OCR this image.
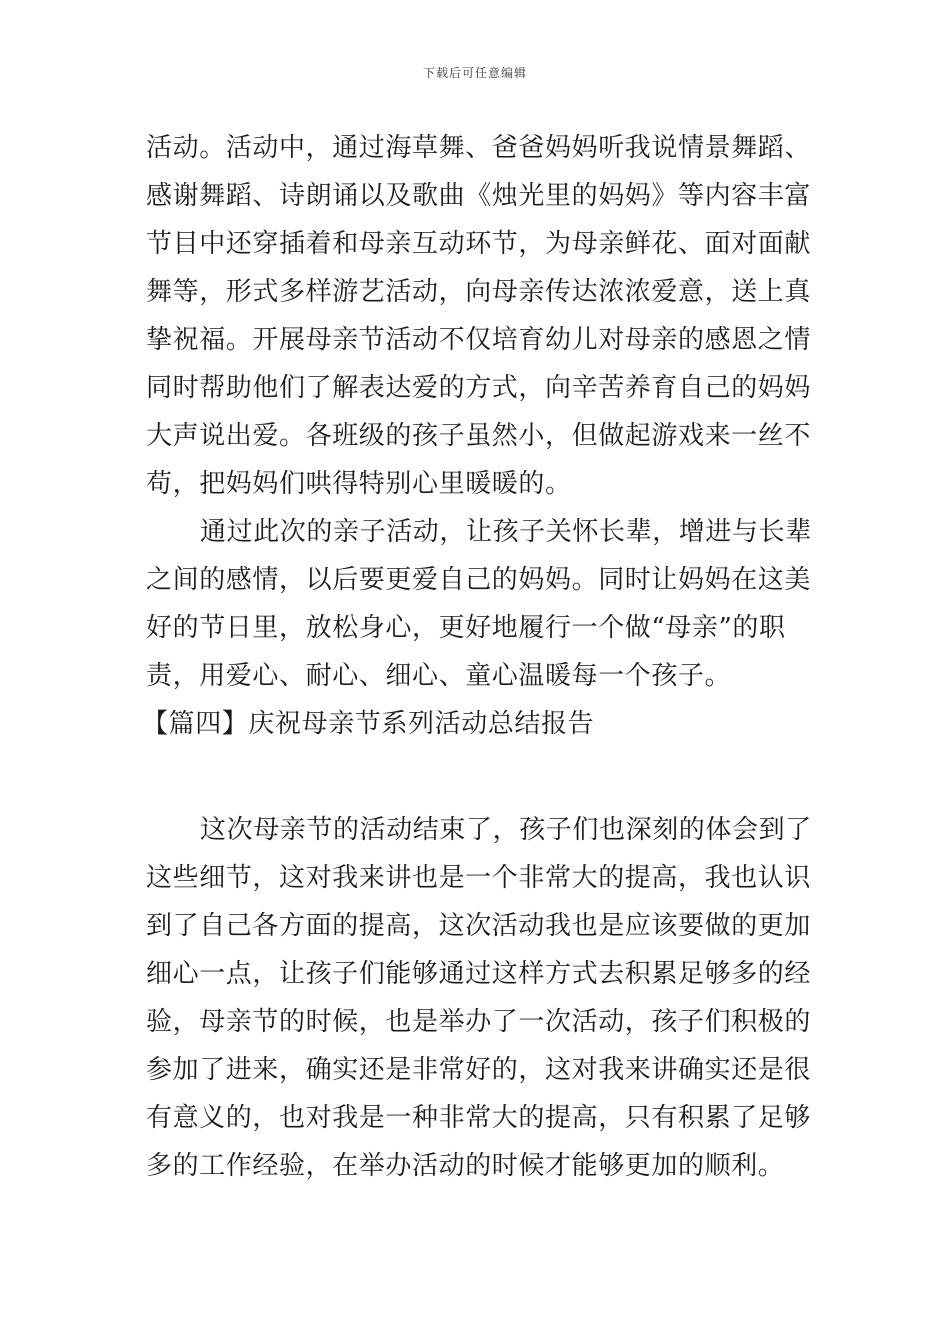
下载后可任意编辑
活动。活动中，通过海草舞、爸爸妈妈听我说情景舞蹈、
感谢舞蹈、诗朗诵以及歌曲《烛光里的妈妈》等内容丰富
节目中还穿插着和母亲互动环节，为母亲鲜花、面对面献
舞等，形式多样游艺活动，向母亲传达浓浓爱意，送上真
挚祝福。开展母亲节活动不仅培育幼儿对母亲的感恩之情
同时帮助他们了解表达爱的方式，向辛苦养育自己的妈妈
大声说出爱。各班级的孩子虽然小，但做起游戏来一丝不
苟，把妈妈们哄得特别心里暖暖的。
通过此次的亲子活动，让孩子关怀长辈，增进与长辈
之间的感情，以后要更爱自己的妈妈。同时让妈妈在这美
好的节日里，放松身心，更好地履行一个做“母亲”的职
责，用爱心、耐心、细心、童心温暖每一个孩子。
【篇四】庆祝母亲节系列活动总结报告
这次母亲节的活动结束了，孩子们也深刻的体会到了
这些细节，这对我来讲也是一个非常大的提高，我也认识
到了自己各方面的提高，这次活动我也是应该要做的更加
细心一点，让孩子们能够通过这样方式去积累足够多的经
验，母亲节的时候，也是举办了一次活动，孩子们积极的
参加了进来，确实还是非常好的，这对我来讲确实还是很
有意义的，也对我是一种非常大的提高，只有积累了足够
多的工作经验，在举办活动的时候才能够更加的顺利。
